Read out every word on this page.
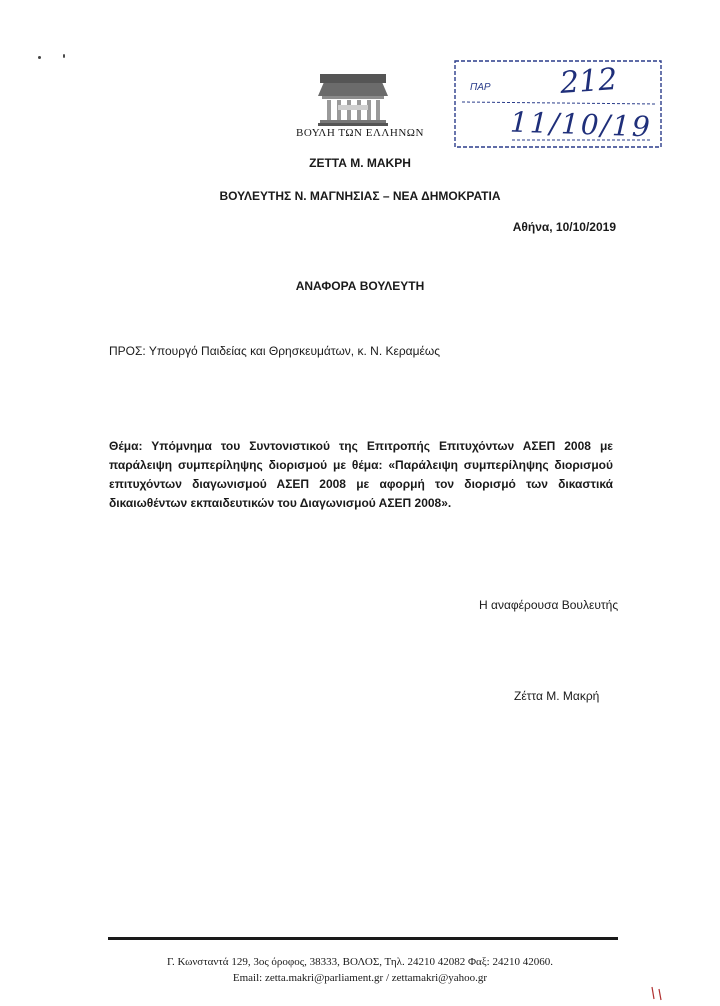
ΒΟΥΛΗ ΤΩΝ ΕΛΛΗΝΩΝ
ΠΑΡ 212
11/10/19
ΖΕΤΤΑ Μ. ΜΑΚΡΗ
ΒΟΥΛΕΥΤΗΣ Ν. ΜΑΓΝΗΣΙΑΣ – ΝΕΑ ΔΗΜΟΚΡΑΤΙΑ
Αθήνα, 10/10/2019
ΑΝΑΦΟΡΑ ΒΟΥΛΕΥΤΗ
ΠΡΟΣ: Υπουργό Παιδείας και Θρησκευμάτων, κ. Ν. Κεραμέως
Θέμα: Υπόμνημα του Συντονιστικού της Επιτροπής Επιτυχόντων ΑΣΕΠ 2008 με παράλειψη συμπερίληψης διορισμού με θέμα: «Παράλειψη συμπερίληψης διορισμού επιτυχόντων διαγωνισμού ΑΣΕΠ 2008 με αφορμή τον διορισμό των δικαστικά δικαιωθέντων εκπαιδευτικών του Διαγωνισμού ΑΣΕΠ 2008».
Η αναφέρουσα Βουλευτής
Ζέττα Μ. Μακρή
Γ. Κωνσταντά 129, 3ος όροφος, 38333, ΒΟΛΟΣ, Τηλ. 24210 42082 Φαξ: 24210 42060.
Email: zetta.makri@parliament.gr / zettamakri@yahoo.gr
